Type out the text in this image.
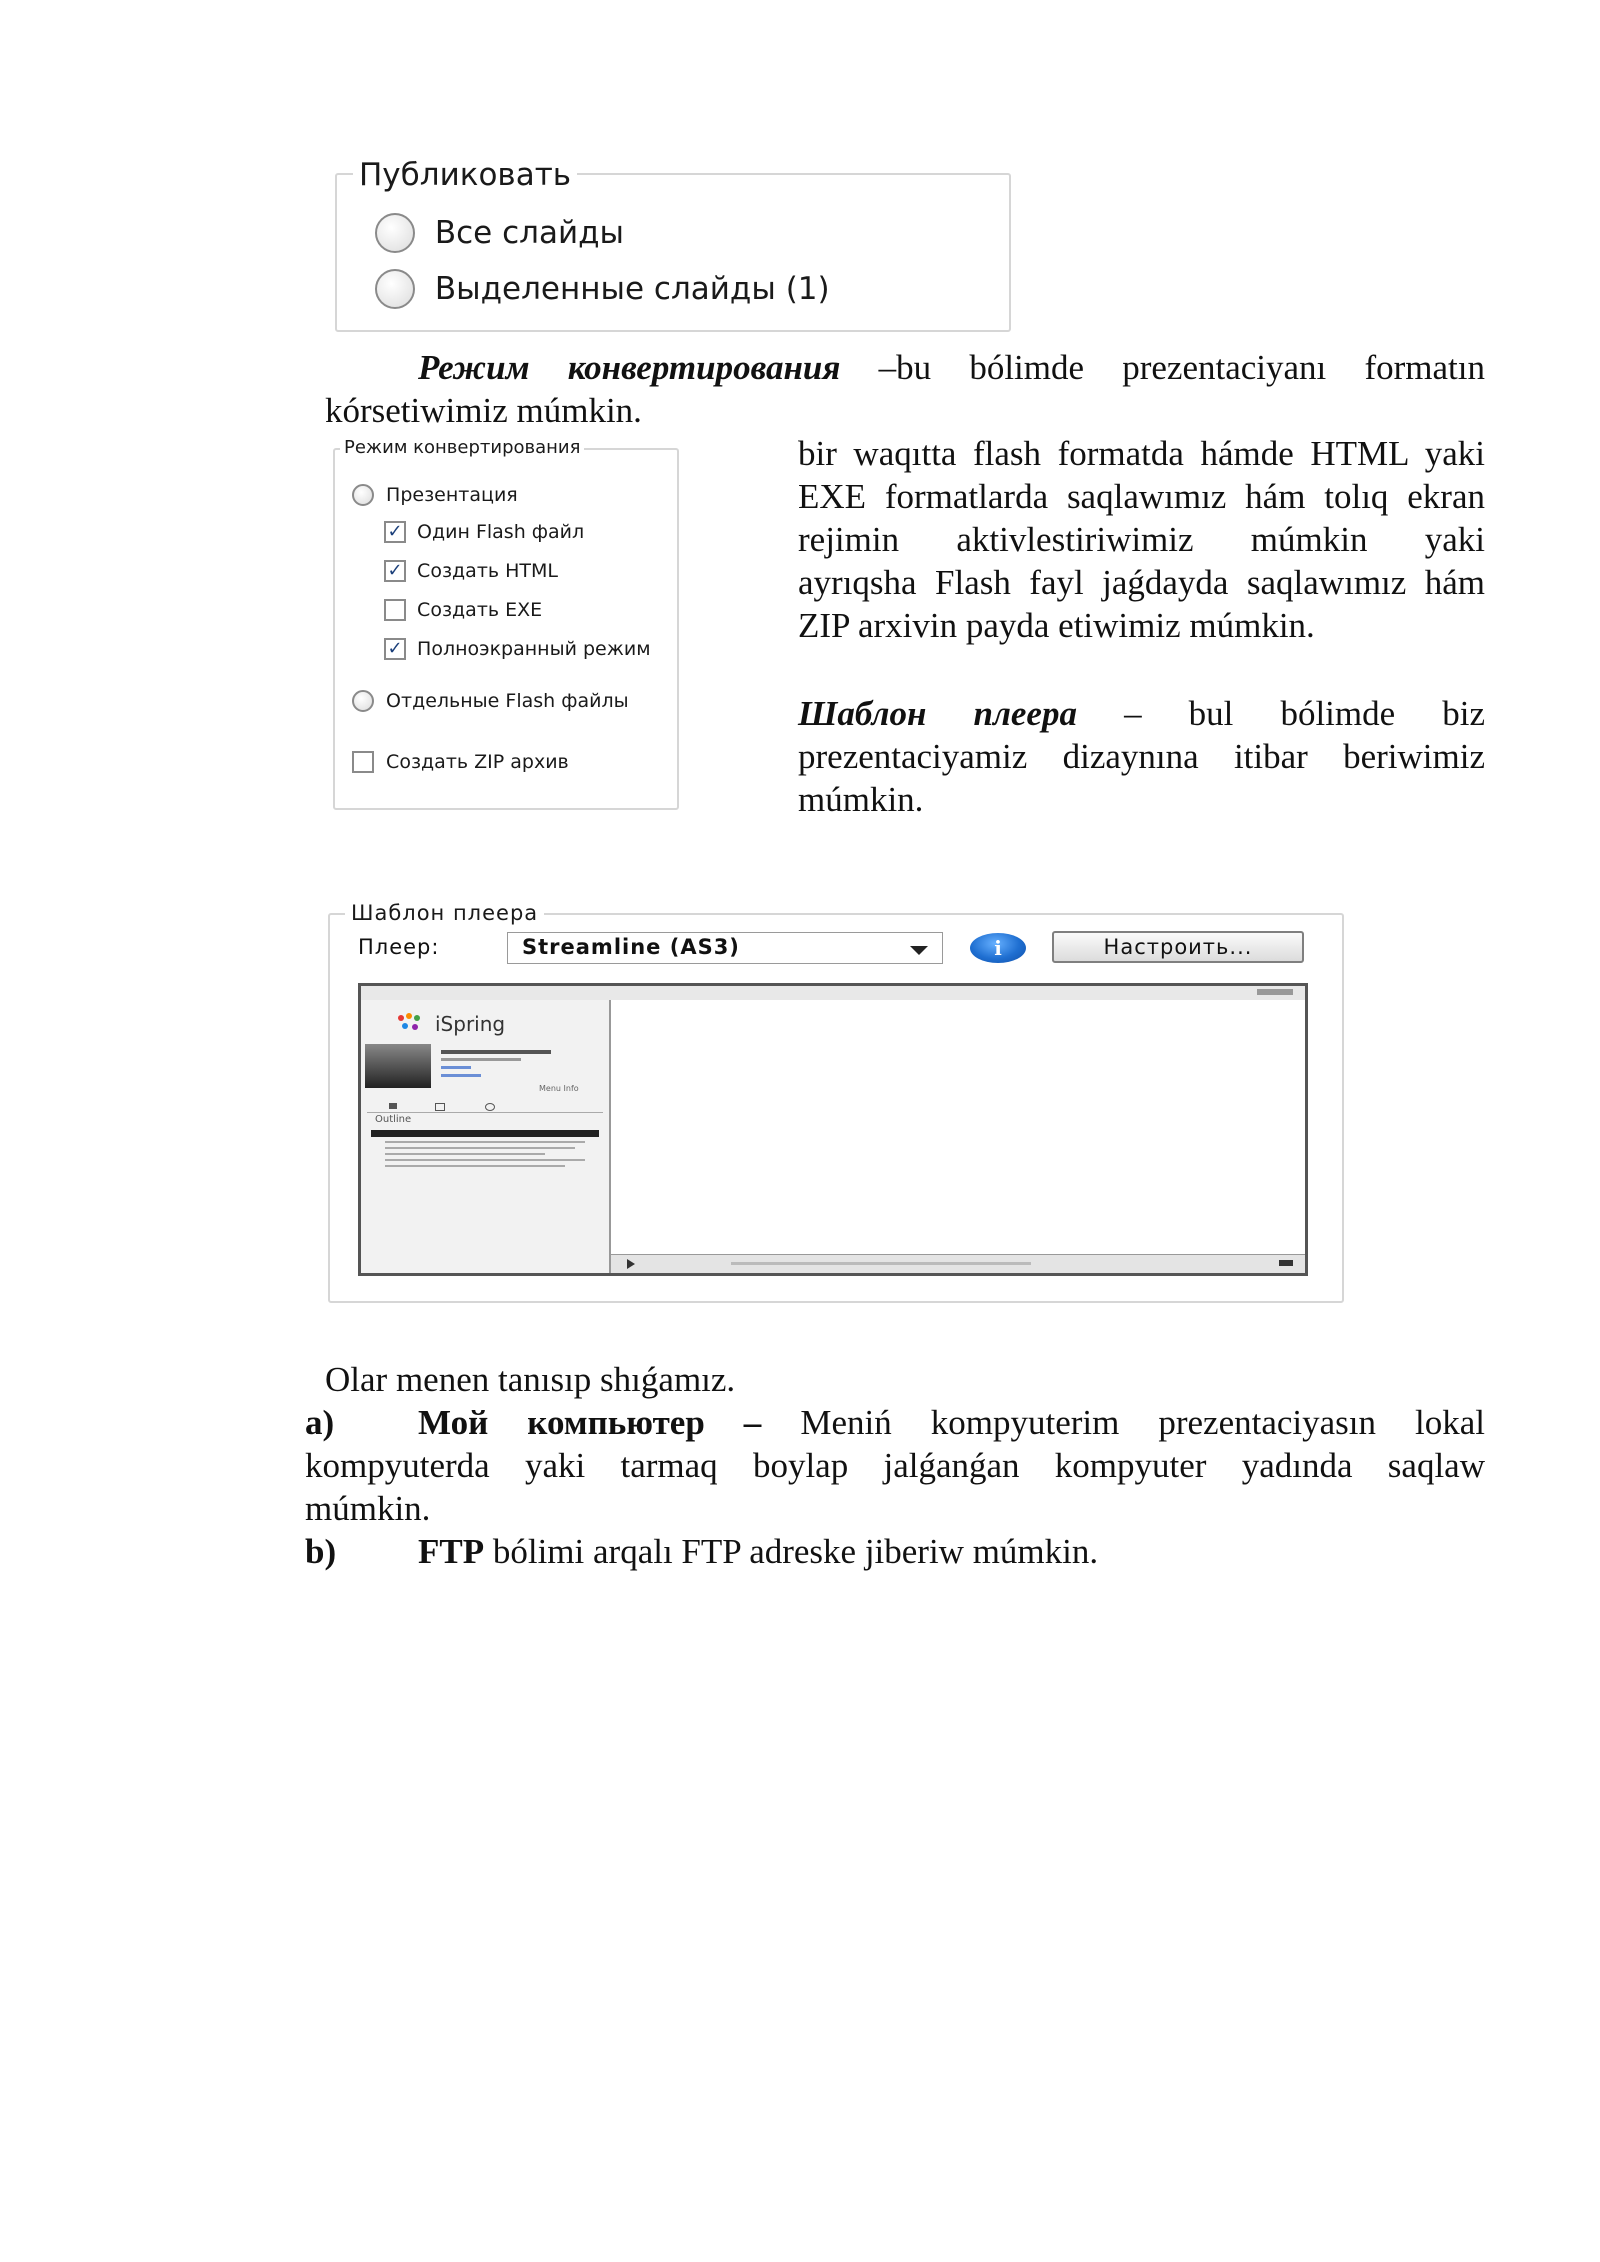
Публиковать
Все слайды
Выделенные слайды (1)
Режим конвертирования –bu bólimde prezentaciyanı formatın
kórsetiwimiz múmkin.
Режим конвертирования
Презентация
✓ Один Flash файл
✓ Создать HTML
Создать EXE
✓ Полноэкранный режим
Отдельные Flash файлы
Создать ZIP архив
bir waqıtta flash formatda hámde HTML yaki
EXE formatlarda saqlawımız hám tolıq ekran
rejimin aktivlestiriwimiz múmkin yaki
ayrıqsha Flash fayl jaǵdayda saqlawımız hám
ZIP arxivin payda etiwimiz múmkin.
Шаблон плеера – bul bólimde biz
prezentaciyamiz dizaynına itibar beriwimiz
múmkin.
Шаблон плеера
Плеер:	Streamline (AS3)	i	Настроить...
iSpring
Menu Info
Outline
Olar menen tanısıp shıǵamız.
a)	Мой компьютер – Meniń kompyuterim prezentaciyasın lokal
kompyuterda yaki tarmaq boylap jalǵanǵan kompyuter yadında saqlaw
múmkin.
b)	FTP bólimi arqalı FTP adreske jiberiw múmkin.
